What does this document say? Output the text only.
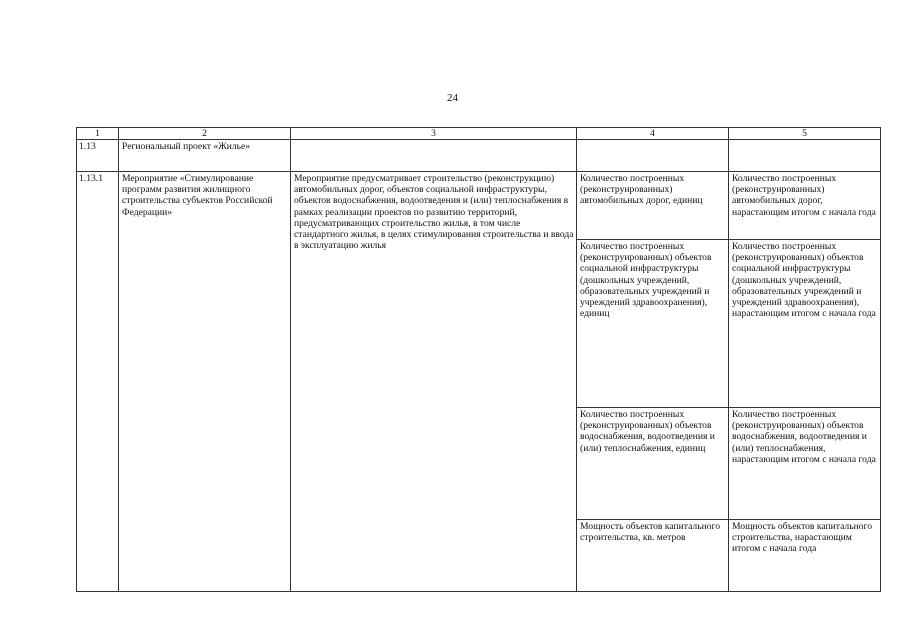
24
1	2	3	4	5
1.13	Региональный проект «Жилье»			
1.13.1	Мероприятие «Стимулирование программ развития жилищного строительства субъектов Российской Федерации»	Мероприятие предусматривает строительство (реконструкцию) автомобильных дорог, объектов социальной инфраструктуры, объектов водоснабжения, водоотведения и (или) теплоснабжения в рамках реализации проектов по развитию территорий, предусматривающих строительство жилья, в том числе стандартного жилья, в целях стимулирования строительства и ввода в эксплуатацию жилья	Количество построенных (реконструированных) автомобильных дорог, единиц	Количество построенных (реконструированных) автомобильных дорог, нарастающим итогом с начала года
			Количество построенных (реконструированных) объектов социальной инфраструктуры (дошкольных учреждений, образовательных учреждений и учреждений здравоохранения), единиц	Количество построенных (реконструированных) объектов социальной инфраструктуры (дошкольных учреждений, образовательных учреждений и учреждений здравоохранения), нарастающим итогом с начала года
			Количество построенных (реконструированных) объектов водоснабжения, водоотведения и (или) теплоснабжения, единиц	Количество построенных (реконструированных) объектов водоснабжения, водоотведения и (или) теплоснабжения, нарастающим итогом с начала года
			Мощность объектов капитального строительства, кв. метров	Мощность объектов капитального строительства, нарастающим итогом с начала года
